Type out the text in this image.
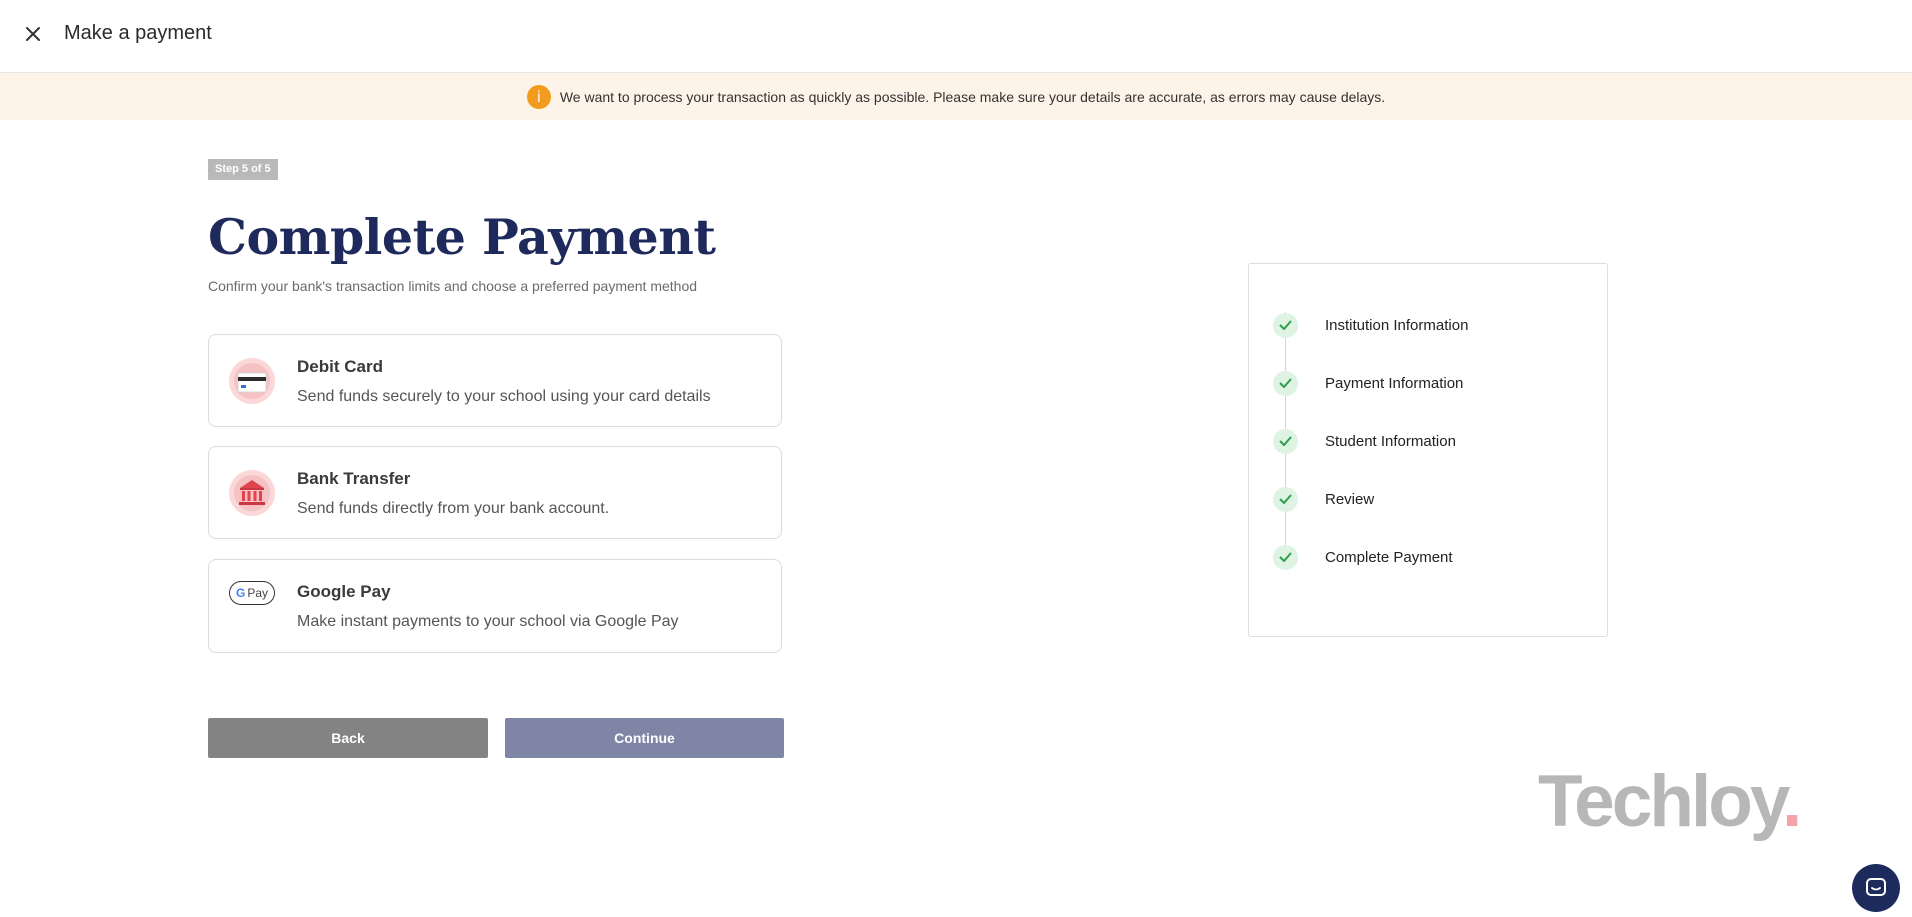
Make a payment
i	We want to process your transaction as quickly as possible. Please make sure your details are accurate, as errors may cause delays.
Step 5 of 5
Complete Payment
Confirm your bank's transaction limits and choose a preferred payment method
Debit Card
Send funds securely to your school using your card details
Bank Transfer
Send funds directly from your bank account.
G Pay Google Pay
Make instant payments to your school via Google Pay
Back	Continue
Institution Information
Payment Information
Student Information
Review
Complete Payment
Techloy.
